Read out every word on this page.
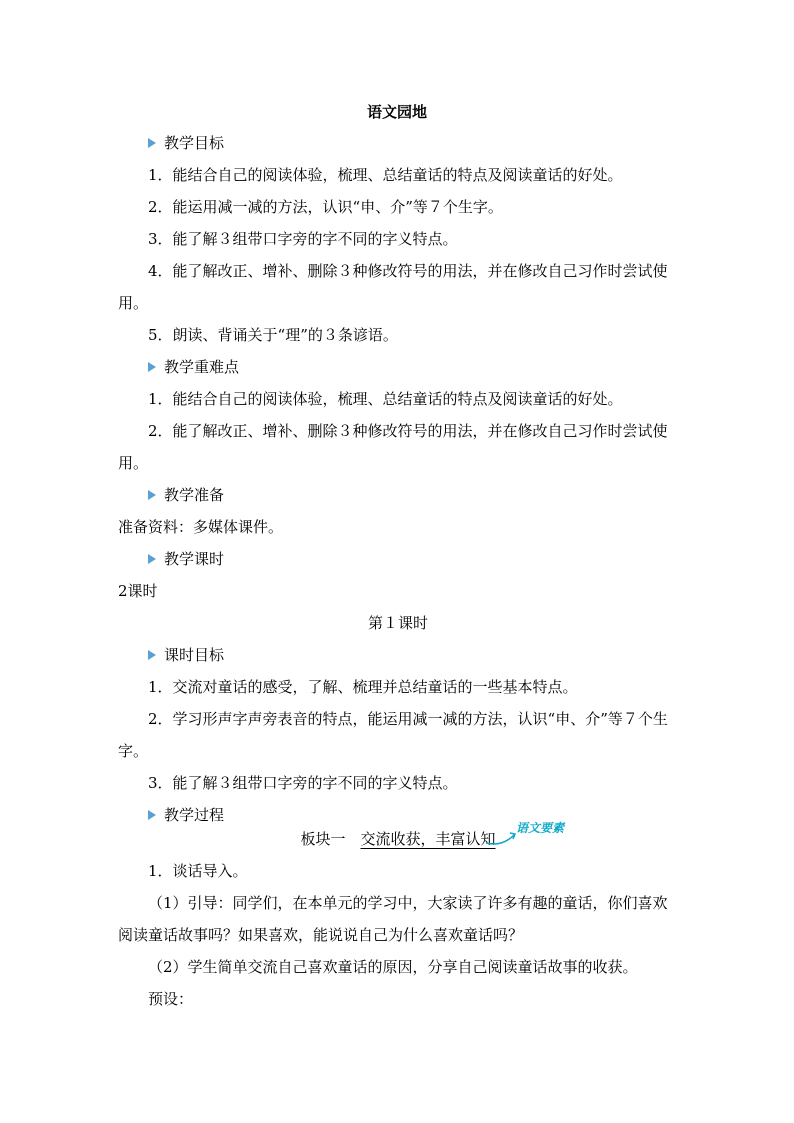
语文园地
教学目标
1．能结合自己的阅读体验，梳理、总结童话的特点及阅读童话的好处。
2．能运用减一减的方法，认识“申、介”等７个生字。
3．能了解３组带口字旁的字不同的字义特点。
4．能了解改正、增补、删除３种修改符号的用法，并在修改自己习作时尝试使用。
5．朗读、背诵关于“理”的３条谚语。
教学重难点
1．能结合自己的阅读体验，梳理、总结童话的特点及阅读童话的好处。
2．能了解改正、增补、删除３种修改符号的用法，并在修改自己习作时尝试使用。
教学准备
准备资料：多媒体课件。
教学课时
2课时
第１课时
课时目标
1．交流对童话的感受，了解、梳理并总结童话的一些基本特点。
2．学习形声字声旁表音的特点，能运用减一减的方法，认识“申、介”等７个生字。
3．能了解３组带口字旁的字不同的字义特点。
教学过程
板块一　 交流收获，丰富认知
语文要素
1．谈话导入。
（1）引导：同学们，在本单元的学习中，大家读了许多有趣的童话，你们喜欢阅读童话故事吗？如果喜欢，能说说自己为什么喜欢童话吗？
（2）学生简单交流自己喜欢童话的原因，分享自己阅读童话故事的收获。
预设：
